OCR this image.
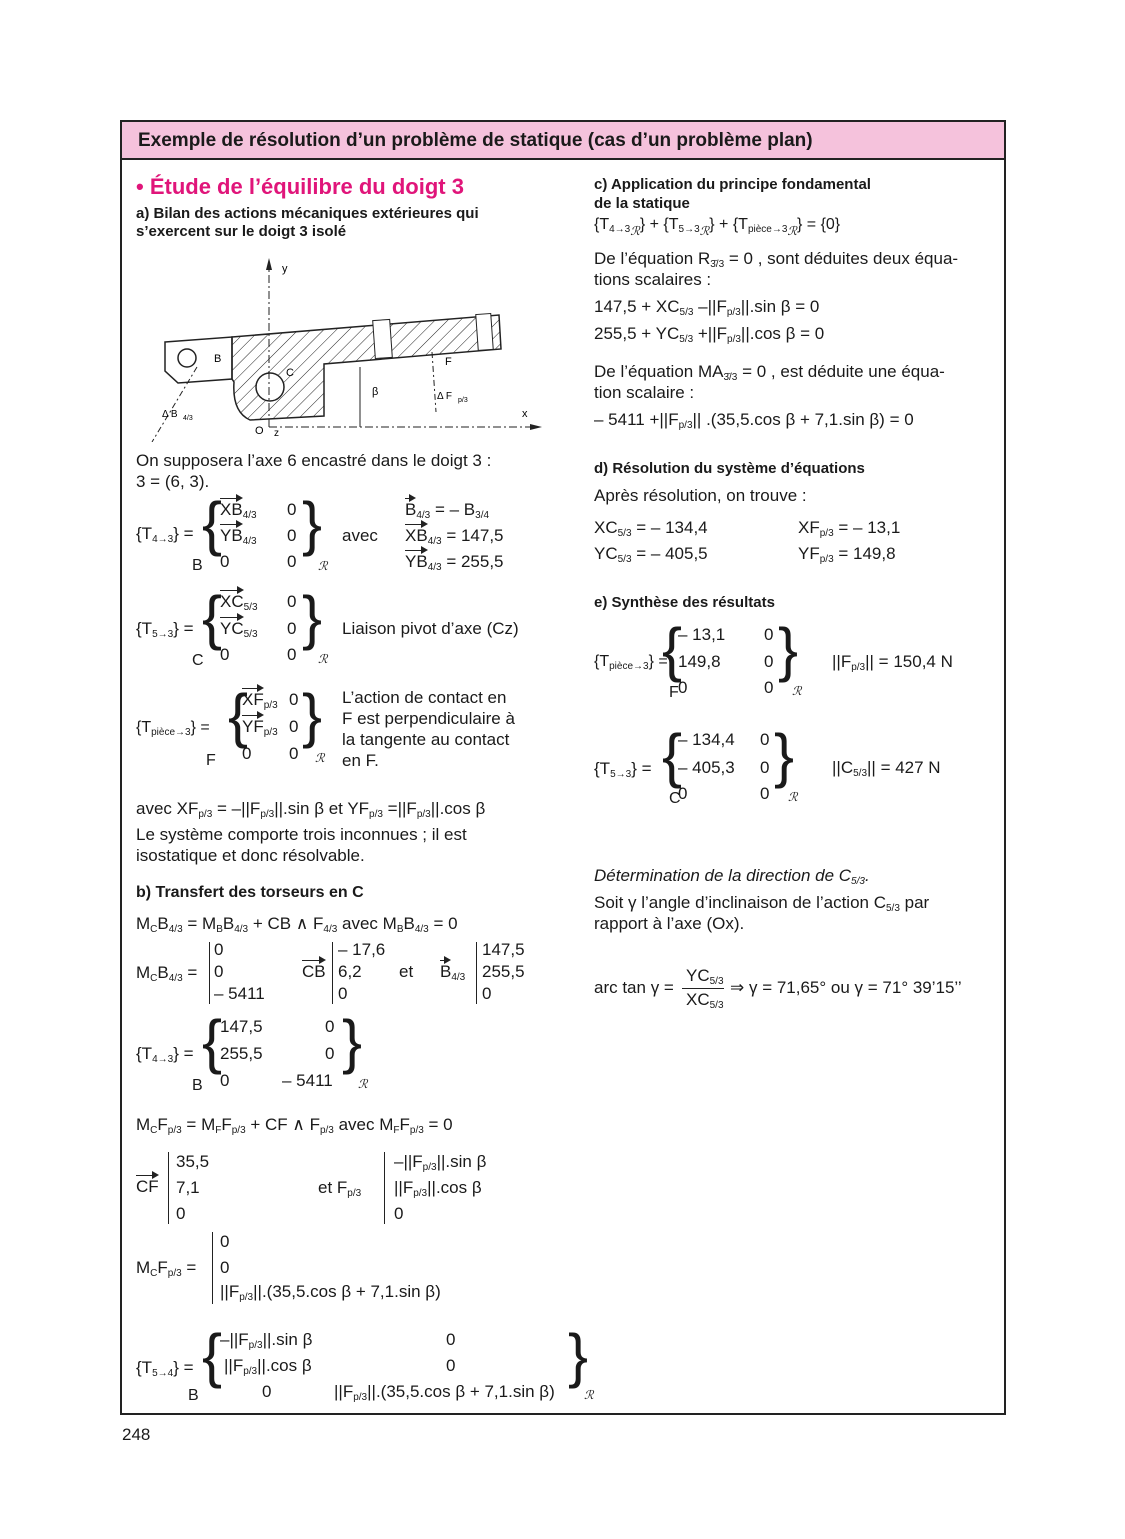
Exemple de résolution d’un problème de statique (cas d’un problème plan)
• Étude de l’équilibre du doigt 3
a) Bilan des actions mécaniques extérieures qui s’exercent sur le doigt 3 isolé
y
x
O z
B
C
F
β
Δ B 4/3
Δ F p/3
On supposera l’axe 6 encastré dans le doigt 3 :
3 = (6, 3).
$\{T_{4\to 3}\}$ = {
B
$XB_{4/3}$
$YB_{4/3}$
0
0
0
0
}
ℛ
avec
$B_{4/3}$ = – $B_{3/4}$
$XB_{4/3} = 147,5$
$YB_{4/3} = 255,5$
$\{T_{5\to 3}\}$ = {
C
$XC_{5/3}$
$YC_{5/3}$
0
0
0
0
}
ℛ
Liaison pivot d’axe (Cz)
$\{T_{pièce\to 3}\}$ = {
F
$XF_{p/3}$
$YF_{p/3}$
0
0
0
0
}
ℛ
L’action de contact en
F est perpendiculaire à
la tangente au contact
en F.
avec $XF_{p/3} = -||F_{p/3}||.\sin$ β et $YF_{p/3} =||F_{p/3}||.\cos$ β
Le système comporte trois inconnues ; il est
isostatique et donc résolvable.
b) Transfert des torseurs en C
$M_CB_{4/3} = M_BB_{4/3}$ + CB ∧ $F_{4/3}$ avec $M_BB_{4/3} = 0$
$M_CB_{4/3}$ =
0
0
– 5411
CB
– 17,6
6,2
0
et $B_{4/3}$
147,5
255,5
0
$\{T_{4\to 3}\}$ = {
B
147,5
255,5
0
0
0
– 5411
}
ℛ
$M_CF_{p/3} = M_FF_{p/3}$ + CF ∧ $F_{p/3}$ avec $M_FF_{p/3} = 0$
CF
35,5
7,1
0
et $F_{p/3}$
$-||F_{p/3}||.\sin$ β
$||F_{p/3}||.\cos$ β
0
$M_CF_{p/3}$ =
0
0
$||F_{p/3}||.(35,5.\cos$ β + 7,1.sin β)
$\{T_{5\to 4}\}$ = {
B
$-||F_{p/3}||.\sin$ β
$||F_{p/3}||.\cos$ β
0
0
0
$||F_{p/3}||.(35,5.\cos$ β + 7,1.sin β)
}
ℛ
c) Application du principe fondamental
de la statique
$\{T_{4\to 3ℛ}\} + \{T_{5\to 3ℛ}\} + \{T_{pièce\to 3ℛ}\} = \{0\}$
De l’équation $R_{3̄/3} = 0$ , sont déduites deux équa-
tions scalaires :
$147,5 + XC_{5/3}$ $-||F_{p/3}||.\sin$ β = 0
$255,5 + YC_{5/3} +||F_{p/3}||.\cos$ β = 0
De l’équation $MA_{3̄/3} = 0$ , est déduite une équa-
tion scalaire :
– $5411 +||F_{p/3}||$ .(35,5.cos β + 7,1.sin β) = 0
d) Résolution du système d’équations
Après résolution, on trouve :
$XC_{5/3}$ = – 134,4
$YC_{5/3}$ = – 405,5
$XF_{p/3}$ = – 13,1
$YF_{p/3} = 149,8$
e) Synthèse des résultats
$\{T_{pièce\to 3}\}$ =
{
F
– 13,1
149,8
0
0
0
0
}
ℛ
$||F_{p/3}|| = 150,4$ N
$\{T_{5\to 3}\}$ = {
C
– 134,4
– 405,3
0
0
0
0
}
ℛ
$||C_{5/3}|| = 427$ N
Détermination de la direction de $C_{5/3}$.
Soit γ l’angle d’inclinaison de l’action $C_{5/3}$ par
rapport à l’axe (Ox).
arc tan γ =
$YC_{5/3}$
$XC_{5/3}$
⇒ γ = 71,65° ou γ = 71° 39’15’’
248
